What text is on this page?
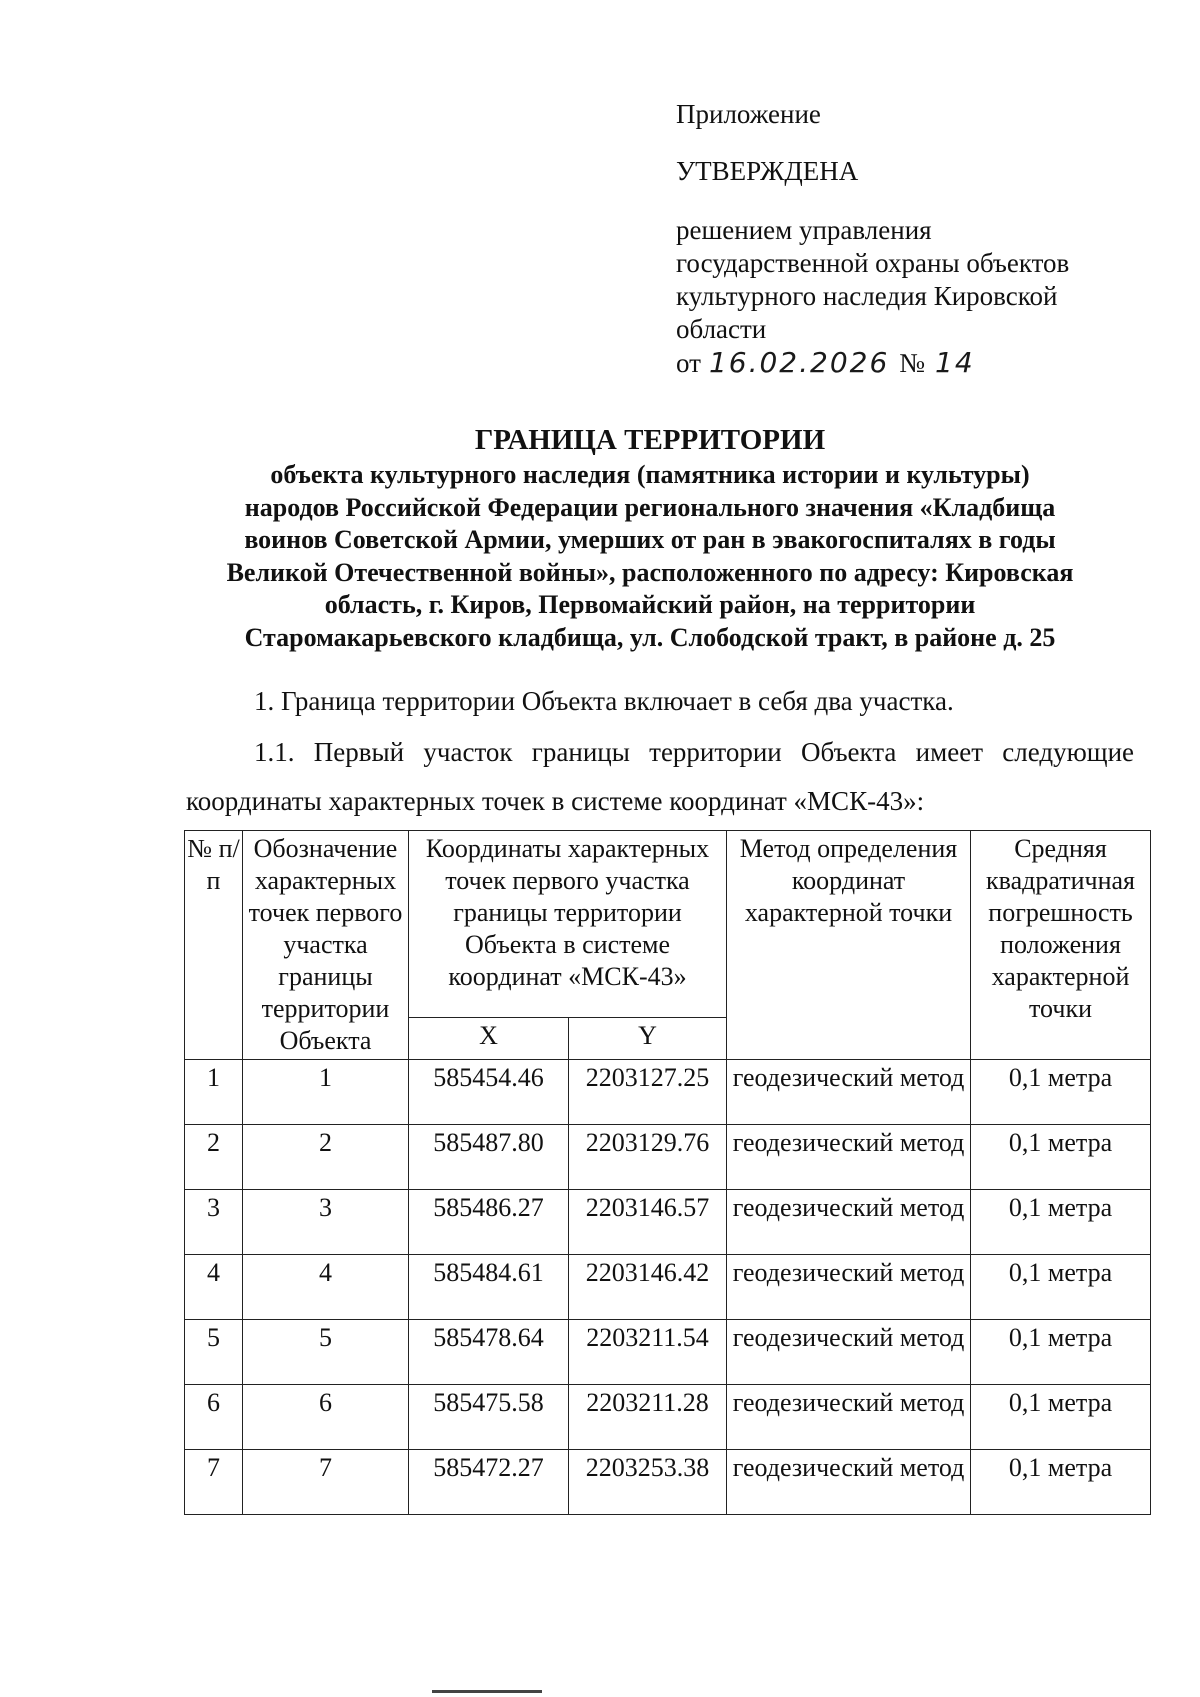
Приложение

УТВЕРЖДЕНА

решением управления

государственной охраны объектов

культурного наследия Кировской

области

от 16.02.2026 № 14
ГРАНИЦА ТЕРРИТОРИИ
объекта культурного наследия (памятника истории и культуры)
народов Российской Федерации регионального значения «Кладбища
воинов Советской Армии, умерших от ран в эвакогоспиталях в годы
Великой Отечественной войны», расположенного по адресу: Кировская
область, г. Киров, Первомайский район, на территории
Старомакарьевского кладбища, ул. Слободской тракт, в районе д. 25
1. Граница территории Объекта включает в себя два участка.
1.1. Первый участок границы территории Объекта имеет следующие
координаты характерных точек в системе координат «МСК-43»:
№ п/п	Обозначение характерных точек первого участка границы территории Объекта	Координаты характерных точек первого участка границы территории Объекта в системе координат «МСК-43»		Метод определения координат характерной точки	Средняя квадратичная погрешность положения характерной точки
		X	Y		
1	1	585454.46	2203127.25	геодезический метод	0,1 метра
2	2	585487.80	2203129.76	геодезический метод	0,1 метра
3	3	585486.27	2203146.57	геодезический метод	0,1 метра
4	4	585484.61	2203146.42	геодезический метод	0,1 метра
5	5	585478.64	2203211.54	геодезический метод	0,1 метра
6	6	585475.58	2203211.28	геодезический метод	0,1 метра
7	7	585472.27	2203253.38	геодезический метод	0,1 метра
